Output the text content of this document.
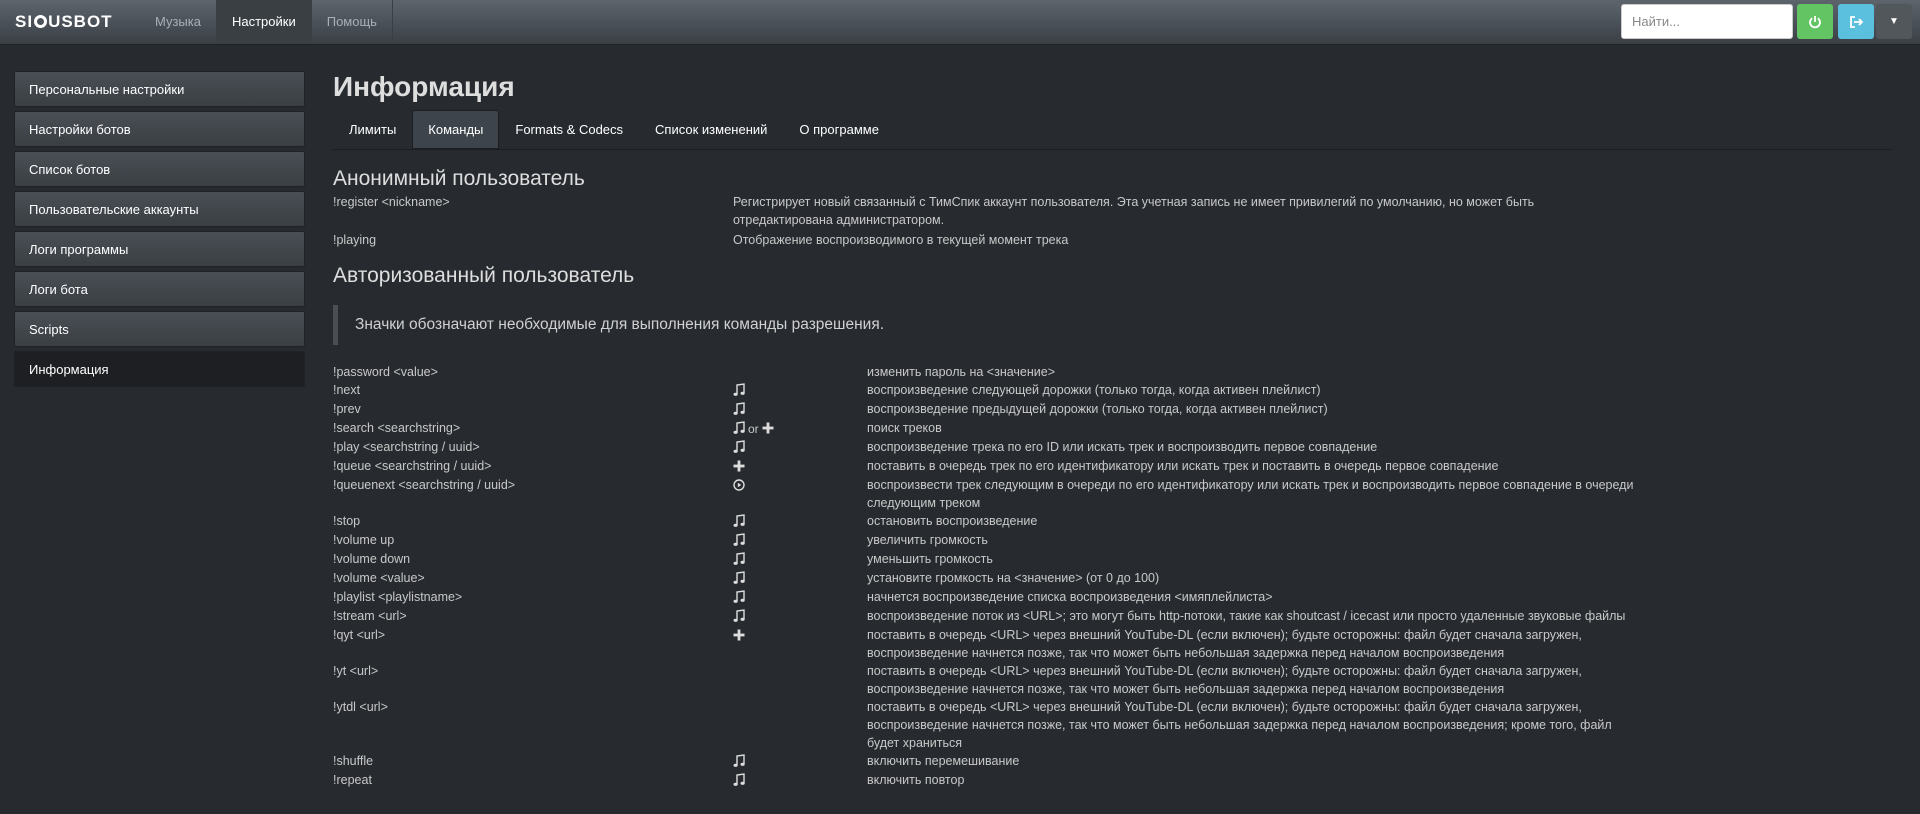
SI USBOT	Музыка	Настройки	Помощь
Найти...	▼
Персональные настройки
Настройки ботов
Список ботов
Пользовательские аккаунты
Логи программы
Логи бота
Scripts
Информация
Информация
Лимиты	Команды	Formats & Codecs	Список изменений	О программе
Анонимный пользователь
!register <nickname>	Регистрирует новый связанный с ТимСпик аккаунт пользователя. Эта учетная запись не имеет привилегий по умолчанию, но может быть отредактирована администратором.
!playing	Отображение воспроизводимого в текущей момент трека
Авторизованный пользователь
Значки обозначают необходимые для выполнения команды разрешения.
!password <value>	изменить пароль на <значение>
!next	воспроизведение следующей дорожки (только тогда, когда активен плейлист)
!prev	воспроизведение предыдущей дорожки (только тогда, когда активен плейлист)
!search <searchstring>	or	поиск треков
!play <searchstring / uuid>	воспроизведение трека по его ID или искать трек и воспроизводить первое совпадение
!queue <searchstring / uuid>	поставить в очередь трек по его идентификатору или искать трек и поставить в очередь первое совпадение
!queuenext <searchstring / uuid>	воспроизвести трек следующим в очереди по его идентификатору или искать трек и воспроизводить первое совпадение в очереди следующим треком
!stop	остановить воспроизведение
!volume up	увеличить громкость
!volume down	уменьшить громкость
!volume <value>	установите громкость на <значение> (от 0 до 100)
!playlist <playlistname>	начнется воспроизведение списка воспроизведения <имяплейлиста>
!stream <url>	воспроизведение поток из <URL>; это могут быть http-потоки, такие как shoutcast / icecast или просто удаленные звуковые файлы
!qyt <url>	поставить в очередь <URL> через внешний YouTube-DL (если включен); будьте осторожны: файл будет сначала загружен, воспроизведение начнется позже, так что может быть небольшая задержка перед началом воспроизведения
!yt <url>	поставить в очередь <URL> через внешний YouTube-DL (если включен); будьте осторожны: файл будет сначала загружен, воспроизведение начнется позже, так что может быть небольшая задержка перед началом воспроизведения
!ytdl <url>	поставить в очередь <URL> через внешний YouTube-DL (если включен); будьте осторожны: файл будет сначала загружен, воспроизведение начнется позже, так что может быть небольшая задержка перед началом воспроизведения; кроме того, файл будет храниться
!shuffle	включить перемешивание
!repeat	включить повтор
